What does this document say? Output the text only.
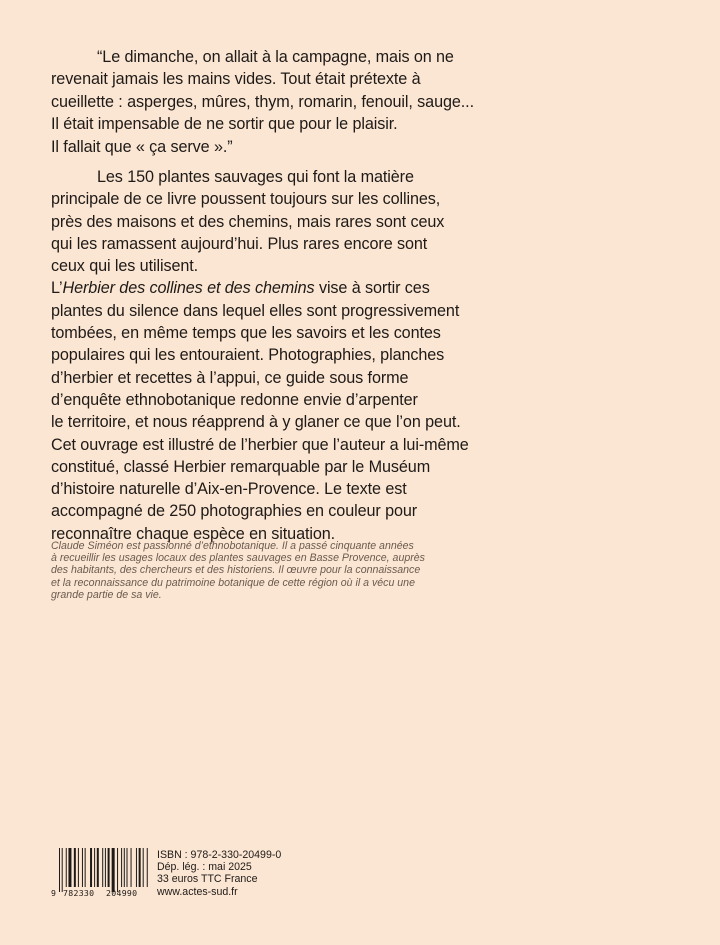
“Le dimanche, on allait à la campagne, mais on ne
revenait jamais les mains vides. Tout était prétexte à
cueillette : asperges, mûres, thym, romarin, fenouil, sauge...
Il était impensable de ne sortir que pour le plaisir.
Il fallait que « ça serve ».”
Les 150 plantes sauvages qui font la matière
principale de ce livre poussent toujours sur les collines,
près des maisons et des chemins, mais rares sont ceux
qui les ramassent aujourd’hui. Plus rares encore sont
ceux qui les utilisent.
L’Herbier des collines et des chemins vise à sortir ces
plantes du silence dans lequel elles sont progressivement
tombées, en même temps que les savoirs et les contes
populaires qui les entouraient. Photographies, planches
d’herbier et recettes à l’appui, ce guide sous forme
d’enquête ethnobotanique redonne envie d’arpenter
le territoire, et nous réapprend à y glaner ce que l’on peut.
Cet ouvrage est illustré de l’herbier que l’auteur a lui-même
constitué, classé Herbier remarquable par le Muséum
d’histoire naturelle d’Aix-en-Provence. Le texte est
accompagné de 250 photographies en couleur pour
reconnaître chaque espèce en situation.
Claude Siméon est passionné d’ethnobotanique. Il a passé cinquante années
à recueillir les usages locaux des plantes sauvages en Basse Provence, auprès
des habitants, des chercheurs et des historiens. Il œuvre pour la connaissance
et la reconnaissance du patrimoine botanique de cette région où il a vécu une
grande partie de sa vie.
9 782330 204990
ISBN : 978-2-330-20499-0
Dép. lég. : mai 2025
33 euros TTC France
www.actes-sud.fr
